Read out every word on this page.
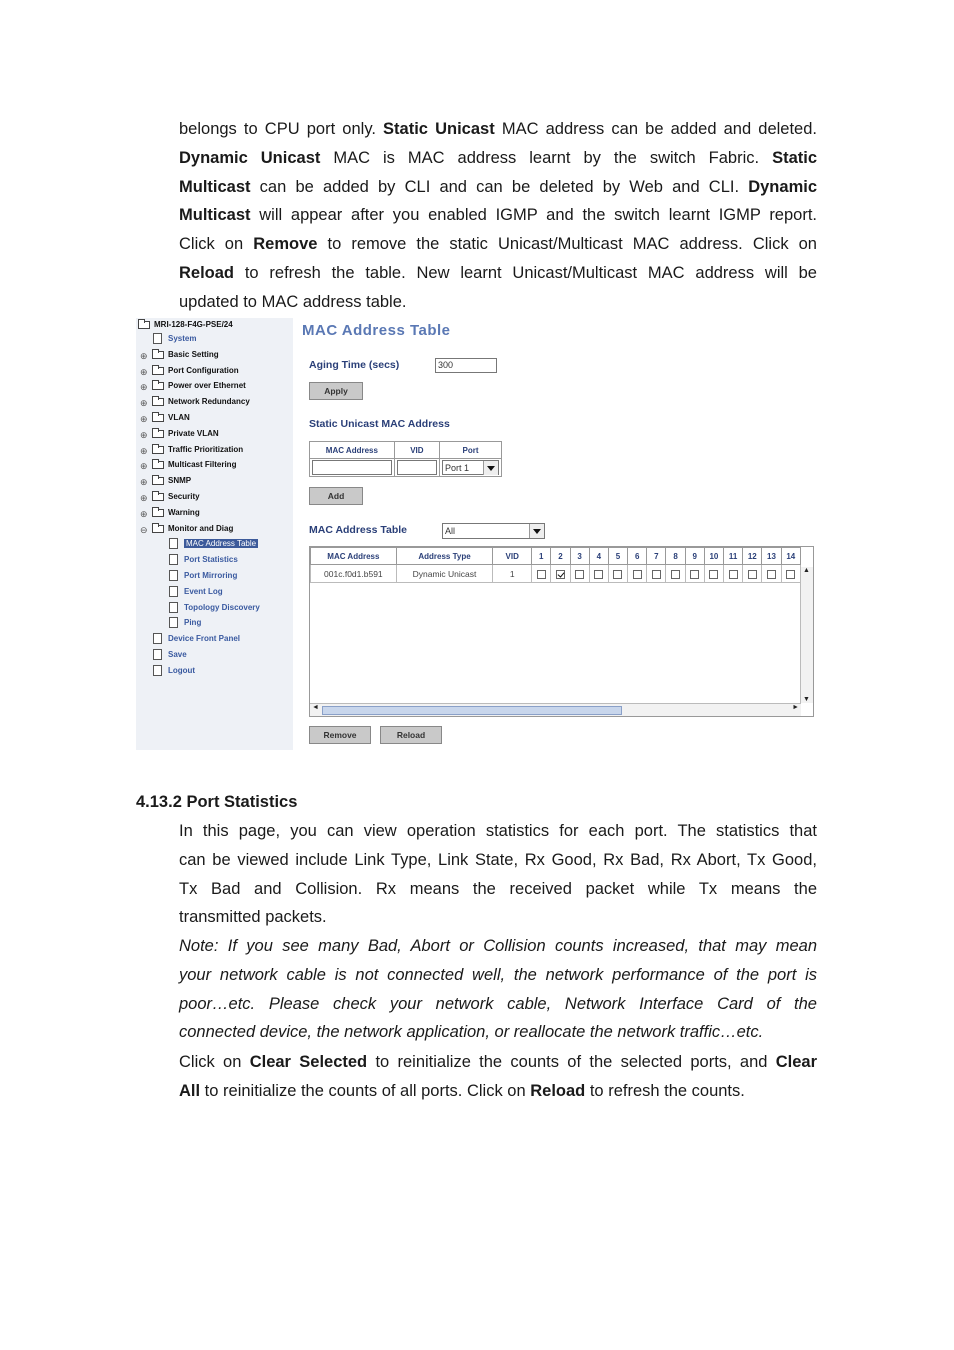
belongs to CPU port only. Static Unicast MAC address can be added and deleted.
Dynamic Unicast MAC is MAC address learnt by the switch Fabric. Static
Multicast can be added by CLI and can be deleted by Web and CLI. Dynamic
Multicast will appear after you enabled IGMP and the switch learnt IGMP report.
Click on Remove to remove the static Unicast/Multicast MAC address. Click on
Reload to refresh the table. New learnt Unicast/Multicast MAC address will be
updated to MAC address table.
MRI-128-F4G-PSE/24
System
⊕	Basic Setting
⊕	Port Configuration
⊕	Power over Ethernet
⊕	Network Redundancy
⊕	VLAN
⊕	Private VLAN
⊕	Traffic Prioritization
⊕	Multicast Filtering
⊕	SNMP
⊕	Security
⊕	Warning
⊖	Monitor and Diag
MAC Address Table
Port Statistics
Port Mirroring
Event Log
Topology Discovery
Ping
Device Front Panel
Save
Logout
MAC Address Table
Aging Time (secs)	300
Apply
Static Unicast MAC Address
MAC Address	VID	Port

		Port 1
Add
MAC Address Table	All
MAC Address	Address Type	VID	1	2	3	4	5	6	7	8	9	10	11	12	13	14
001c.f0d1.b591	Dynamic Unicast	1															▲
▼
◄	►
Remove	Reload
4.13.2 Port Statistics
In this page, you can view operation statistics for each port. The statistics that
can be viewed include Link Type, Link State, Rx Good, Rx Bad, Rx Abort, Tx Good,
Tx Bad and Collision. Rx means the received packet while Tx means the
transmitted packets.
Note: If you see many Bad, Abort or Collision counts increased, that may mean
your network cable is not connected well, the network performance of the port is
poor…etc. Please check your network cable, Network Interface Card of the
connected device, the network application, or reallocate the network traffic…etc.
Click on Clear Selected to reinitialize the counts of the selected ports, and Clear
All to reinitialize the counts of all ports. Click on Reload to refresh the counts.
